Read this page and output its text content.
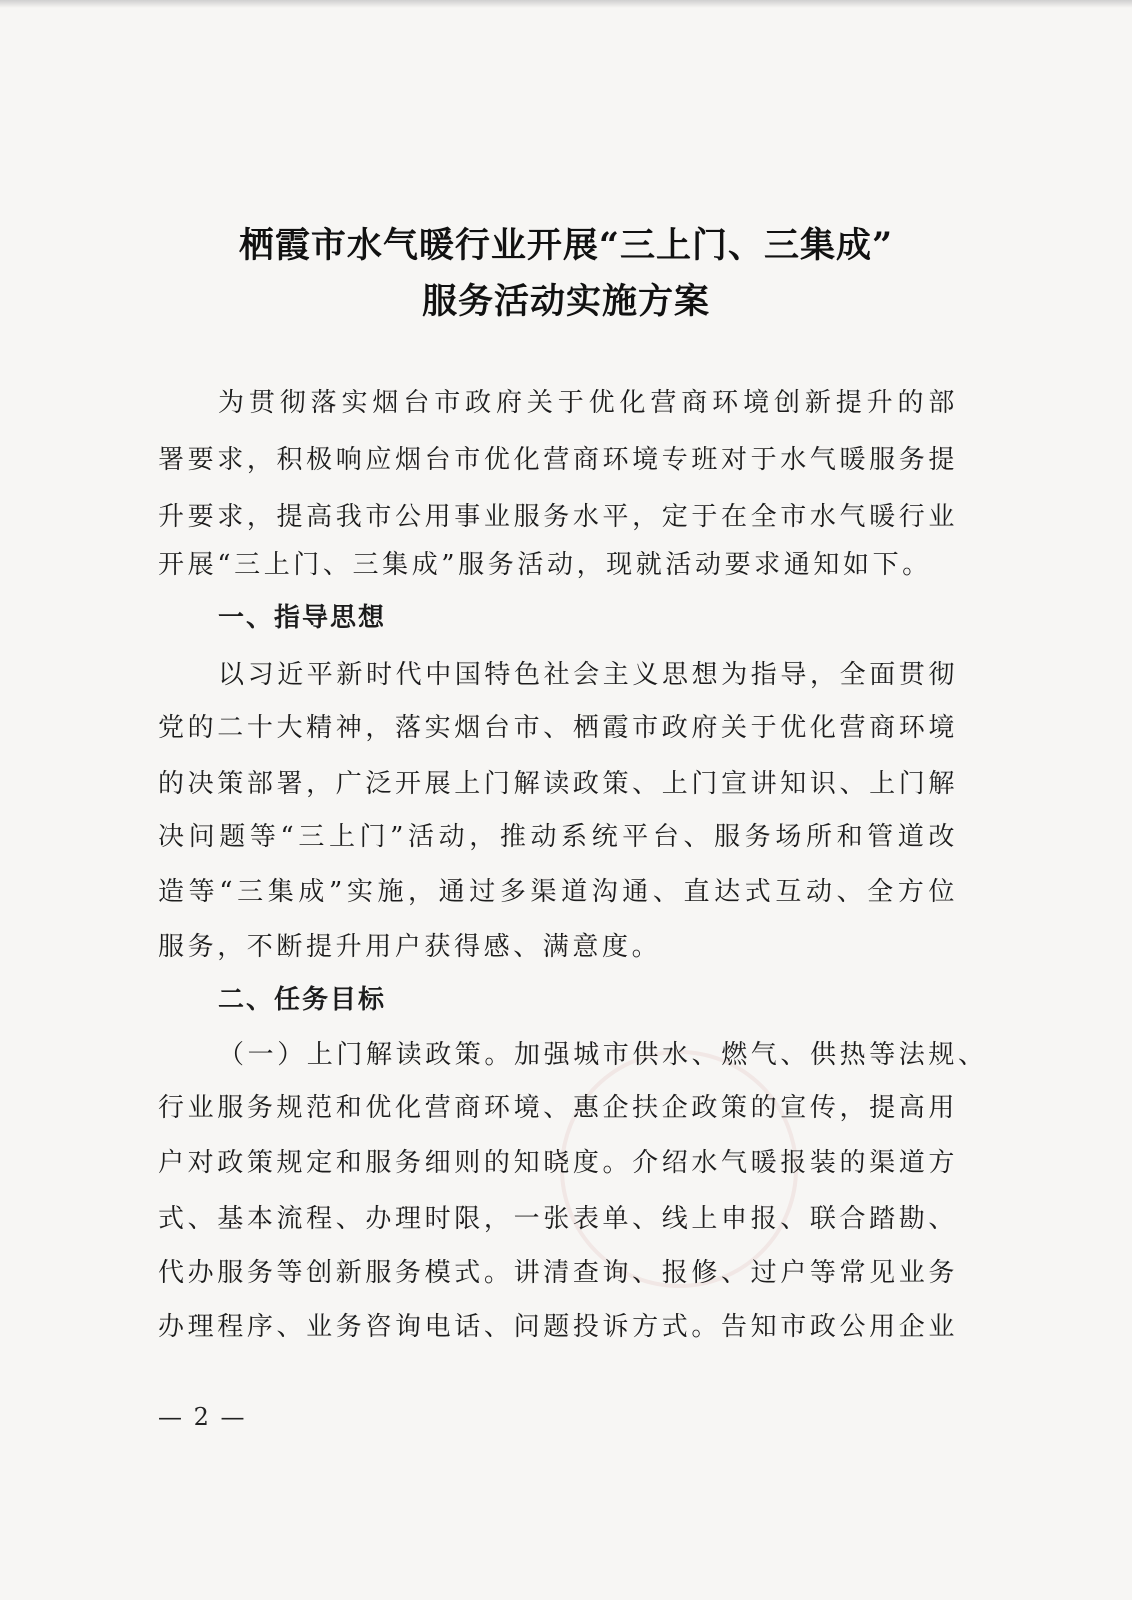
栖霞市水气暖行业开展“三上门、三集成”
服务活动实施方案
为贯彻落实烟台市政府关于优化营商环境创新提升的部
署要求，积极响应烟台市优化营商环境专班对于水气暖服务提
升要求，提高我市公用事业服务水平，定于在全市水气暖行业
开展“三上门、三集成”服务活动，现就活动要求通知如下。
一、指导思想
以习近平新时代中国特色社会主义思想为指导，全面贯彻
党的二十大精神，落实烟台市、栖霞市政府关于优化营商环境
的决策部署，广泛开展上门解读政策、上门宣讲知识、上门解
决问题等“三上门”活动，推动系统平台、服务场所和管道改
造等“三集成”实施，通过多渠道沟通、直达式互动、全方位
服务，不断提升用户获得感、满意度。
二、任务目标
（一）上门解读政策。加强城市供水、燃气、供热等法规、
行业服务规范和优化营商环境、惠企扶企政策的宣传，提高用
户对政策规定和服务细则的知晓度。介绍水气暖报装的渠道方
式、基本流程、办理时限，一张表单、线上申报、联合踏勘、
代办服务等创新服务模式。讲清查询、报修、过户等常见业务
办理程序、业务咨询电话、问题投诉方式。告知市政公用企业
— 2 —
